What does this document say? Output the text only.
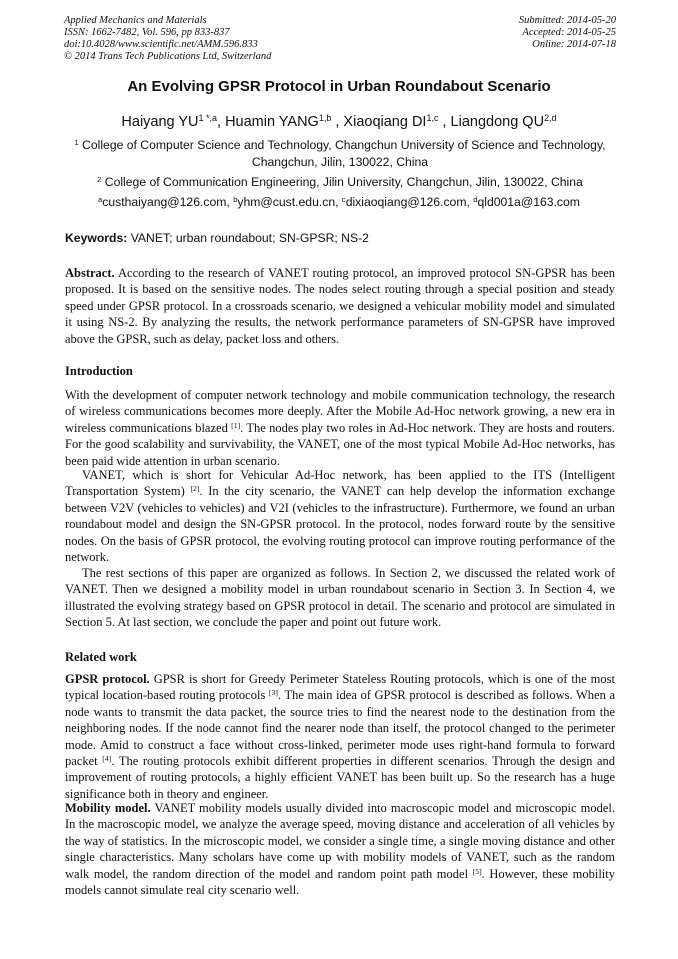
Applied Mechanics and Materials
ISSN: 1662-7482, Vol. 596, pp 833-837
doi:10.4028/www.scientific.net/AMM.596.833
© 2014 Trans Tech Publications Ltd, Switzerland
Submitted: 2014-05-20
Accepted: 2014-05-25
Online: 2014-07-18
An Evolving GPSR Protocol in Urban Roundabout Scenario
Haiyang $YU^{1 *,a}$, Huamin YANG$^{1,b}$ , Xiaoqiang DI$^{1,c}$ , Liangdong QU$^{2,d}$
$^1$ College of Computer Science and Technology, Changchun University of Science and Technology, Changchun, Jilin, 130022, China
$^2$ College of Communication Engineering, Jilin University, Changchun, Jilin, 130022, China
$^a$custhaiyang@126.com, $^b$yhm@cust.edu.cn, $^c$dixiaoqiang@126.com, $^d$qld001a@163.com
Keywords: VANET; urban roundabout; SN-GPSR; NS-2
Abstract. According to the research of VANET routing protocol, an improved protocol SN-GPSR has been proposed. It is based on the sensitive nodes. The nodes select routing through a special position and steady speed under GPSR protocol. In a crossroads scenario, we designed a vehicular mobility model and simulated it using NS-2. By analyzing the results, the network performance parameters of SN-GPSR have improved above the GPSR, such as delay, packet loss and others.
Introduction
With the development of computer network technology and mobile communication technology, the research of wireless communications becomes more deeply. After the Mobile Ad-Hoc network growing, a new era in wireless communications blazed [1]. The nodes play two roles in Ad-Hoc network. They are hosts and routers. For the good scalability and survivability, the VANET, one of the most typical Mobile Ad-Hoc networks, has been paid wide attention in urban scenario.
VANET, which is short for Vehicular Ad-Hoc network, has been applied to the ITS (Intelligent Transportation System) [2]. In the city scenario, the VANET can help develop the information exchange between V2V (vehicles to vehicles) and V2I (vehicles to the infrastructure). Furthermore, we found an urban roundabout model and design the SN-GPSR protocol. In the protocol, nodes forward route by the sensitive nodes. On the basis of GPSR protocol, the evolving routing protocol can improve routing performance of the network.
The rest sections of this paper are organized as follows. In Section 2, we discussed the related work of VANET. Then we designed a mobility model in urban roundabout scenario in Section 3. In Section 4, we illustrated the evolving strategy based on GPSR protocol in detail. The scenario and protocol are simulated in Section 5. At last section, we conclude the paper and point out future work.
Related work
GPSR protocol. GPSR is short for Greedy Perimeter Stateless Routing protocols, which is one of the most typical location-based routing protocols [3]. The main idea of GPSR protocol is described as follows. When a node wants to transmit the data packet, the source tries to find the nearest node to the destination from the neighboring nodes. If the node cannot find the nearer node than itself, the protocol changed to the perimeter mode. Amid to construct a face without cross-linked, perimeter mode uses right-hand formula to forward packet [4]. The routing protocols exhibit different properties in different scenarios. Through the design and improvement of routing protocols, a highly efficient VANET has been built up. So the research has a huge significance both in theory and engineer.
Mobility model. VANET mobility models usually divided into macroscopic model and microscopic model. In the macroscopic model, we analyze the average speed, moving distance and acceleration of all vehicles by the way of statistics. In the microscopic model, we consider a single time, a single moving distance and other single characteristics. Many scholars have come up with mobility models of VANET, such as the random walk model, the random direction of the model and random point path model [5]. However, these mobility models cannot simulate real city scenario well.
